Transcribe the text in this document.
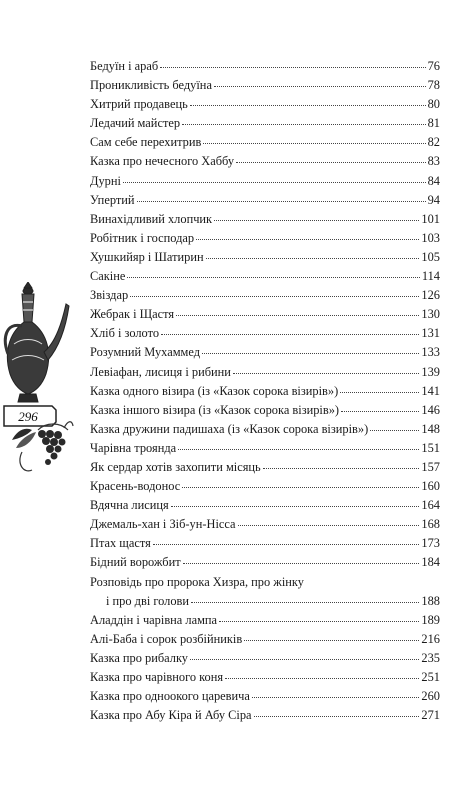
296
Бедуїн і араб	76
Проникливість бедуїна	78
Хитрий продавець	80
Ледачий майстер	81
Сам себе перехитрив	82
Казка про нечесного Хаббу	83
Дурні	84
Упертий	94
Винахідливий хлопчик	101
Робітник і господар	103
Хушкийяр і Шатирин	105
Сакіне	114
Звіздар	126
Жебрак і Щастя	130
Хліб і золото	131
Розумний Мухаммед	133
Левіафан, лисиця і рибини	139
Казка одного візира (із «Казок сорока візирів»)	141
Казка іншого візира (із «Казок сорока візирів»)	146
Казка дружини падишаха (із «Казок сорока візирів»)	148
Чарівна троянда	151
Як сердар хотів захопити місяць	157
Красень-водонос	160
Вдячна лисиця	164
Джемаль-хан і Зіб-ун-Нісса	168
Птах щастя	173
Бідний ворожбит	184
Розповідь про пророка Хизра, про жінку
і про дві голови	188
Аладдін і чарівна лампа	189
Алі-Баба і сорок розбійників	216
Казка про рибалку	235
Казка про чарівного коня	251
Казка про одноокого царевича	260
Казка про Абу Кіра й Абу Сіра	271
